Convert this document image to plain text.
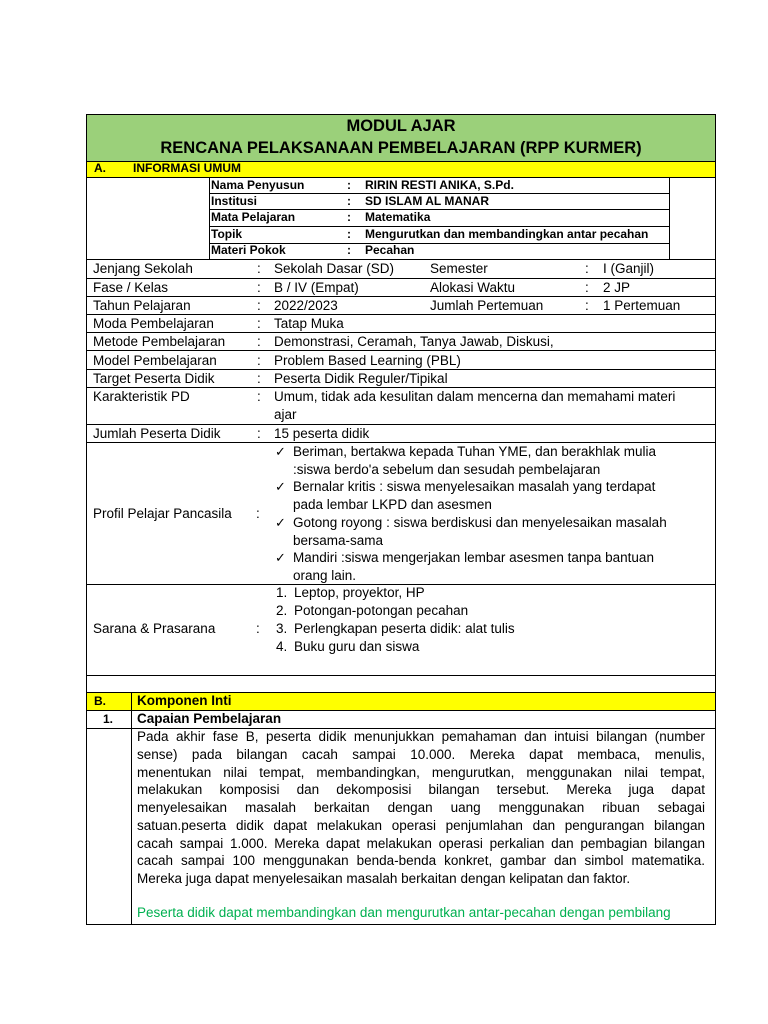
MODUL AJAR
RENCANA PELAKSANAAN PEMBELAJARAN (RPP KURMER)
A. INFORMASI UMUM
Nama Penyusun	: RIRIN RESTI ANIKA, S.Pd.
Institusi	: SD ISLAM AL MANAR
Mata Pelajaran	: Matematika
Topik	: Mengurutkan dan membandingkan antar pecahan
Materi Pokok	: Pecahan
Jenjang Sekolah	: Sekolah Dasar (SD)	Semester	: I (Ganjil)
Fase / Kelas	: B / IV (Empat)	Alokasi Waktu	: 2 JP
Tahun Pelajaran	: 2022/2023	Jumlah Pertemuan	: 1 Pertemuan
Moda Pembelajaran	: Tatap Muka
Metode Pembelajaran : Demonstrasi, Ceramah, Tanya Jawab, Diskusi,
Model Pembelajaran	: Problem Based Learning (PBL)
Target Peserta Didik	: Peserta Didik Reguler/Tipikal
Karakteristik PD	: Umum, tidak ada kesulitan dalam mencerna dan memahami materi
ajar
Jumlah Peserta Didik	: 15 peserta didik
Profil Pelajar Pancasila :
✓ Beriman, bertakwa kepada Tuhan YME, dan berakhlak mulia
:siswa berdo'a sebelum dan sesudah pembelajaran
✓ Bernalar kritis : siswa menyelesaikan masalah yang terdapat
pada lembar LKPD dan asesmen
✓ Gotong royong : siswa berdiskusi dan menyelesaikan masalah
bersama-sama
✓ Mandiri :siswa mengerjakan lembar asesmen tanpa bantuan
orang lain.
Sarana & Prasarana	:
1. Leptop, proyektor, HP
2. Potongan-potongan pecahan
3. Perlengkapan peserta didik: alat tulis
4. Buku guru dan siswa
B. Komponen Inti
1. Capaian Pembelajaran
Pada akhir fase B, peserta didik menunjukkan pemahaman dan intuisi bilangan (number
sense) pada bilangan cacah sampai 10.000. Mereka dapat membaca, menulis,
menentukan nilai tempat, membandingkan, mengurutkan, menggunakan nilai tempat,
melakukan komposisi dan dekomposisi bilangan tersebut. Mereka juga dapat
menyelesaikan masalah berkaitan dengan uang menggunakan ribuan sebagai
satuan.peserta didik dapat melakukan operasi penjumlahan dan pengurangan bilangan
cacah sampai 1.000. Mereka dapat melakukan operasi perkalian dan pembagian bilangan
cacah sampai 100 menggunakan benda-benda konkret, gambar dan simbol matematika.
Mereka juga dapat menyelesaikan masalah berkaitan dengan kelipatan dan faktor.
Peserta didik dapat membandingkan dan mengurutkan antar-pecahan dengan pembilang
